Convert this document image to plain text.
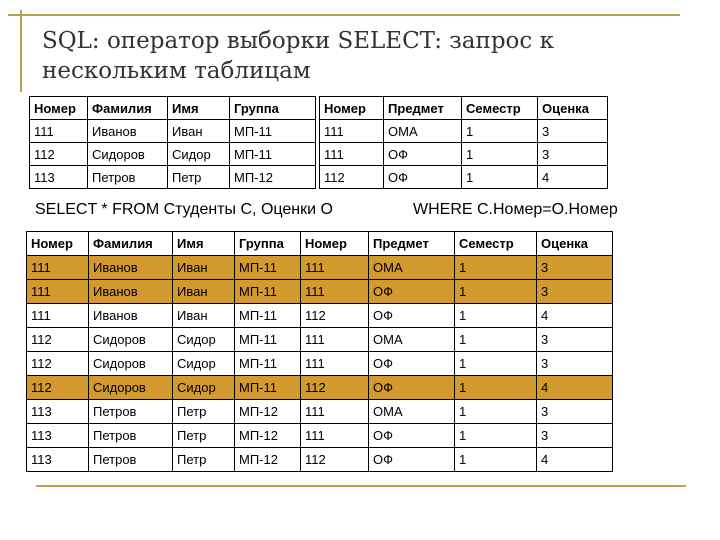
SQL: оператор выборки SELECT: запрос к нескольким таблицам
Номер	Фамилия	Имя	Группа
111	Иванов	Иван	МП-11
112	Сидоров	Сидор	МП-11
113	Петров	Петр	МП-12
Номер	Предмет	Семестр	Оценка
111	ОМА	1	3
111	ОФ	1	3
112	ОФ	1	4
SELECT * FROM Студенты С, Оценки О	WHERE С.Номер=О.Номер
Номер	Фамилия	Имя	Группа	Номер	Предмет	Семестр	Оценка
111	Иванов	Иван	МП-11	111	ОМА	1	3
111	Иванов	Иван	МП-11	111	ОФ	1	3
111	Иванов	Иван	МП-11	112	ОФ	1	4
112	Сидоров	Сидор	МП-11	111	ОМА	1	3
112	Сидоров	Сидор	МП-11	111	ОФ	1	3
112	Сидоров	Сидор	МП-11	112	ОФ	1	4
113	Петров	Петр	МП-12	111	ОМА	1	3
113	Петров	Петр	МП-12	111	ОФ	1	3
113	Петров	Петр	МП-12	112	ОФ	1	4
